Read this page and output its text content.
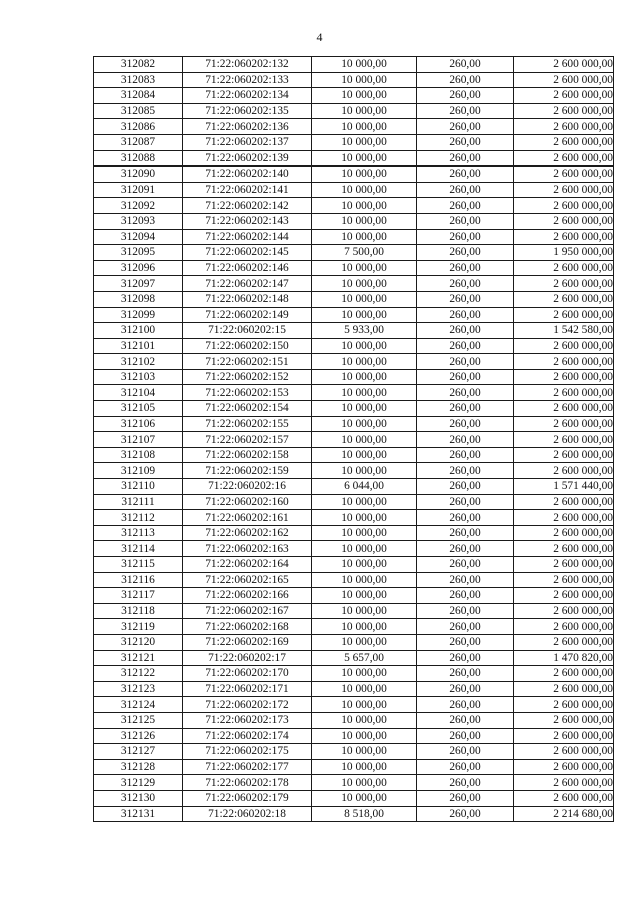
4
312082	71:22:060202:132	10 000,00	260,00	2 600 000,00
312083	71:22:060202:133	10 000,00	260,00	2 600 000,00
312084	71:22:060202:134	10 000,00	260,00	2 600 000,00
312085	71:22:060202:135	10 000,00	260,00	2 600 000,00
312086	71:22:060202:136	10 000,00	260,00	2 600 000,00
312087	71:22:060202:137	10 000,00	260,00	2 600 000,00
312088	71:22:060202:139	10 000,00	260,00	2 600 000,00
312090	71:22:060202:140	10 000,00	260,00	2 600 000,00
312091	71:22:060202:141	10 000,00	260,00	2 600 000,00
312092	71:22:060202:142	10 000,00	260,00	2 600 000,00
312093	71:22:060202:143	10 000,00	260,00	2 600 000,00
312094	71:22:060202:144	10 000,00	260,00	2 600 000,00
312095	71:22:060202:145	7 500,00	260,00	1 950 000,00
312096	71:22:060202:146	10 000,00	260,00	2 600 000,00
312097	71:22:060202:147	10 000,00	260,00	2 600 000,00
312098	71:22:060202:148	10 000,00	260,00	2 600 000,00
312099	71:22:060202:149	10 000,00	260,00	2 600 000,00
312100	71:22:060202:15	5 933,00	260,00	1 542 580,00
312101	71:22:060202:150	10 000,00	260,00	2 600 000,00
312102	71:22:060202:151	10 000,00	260,00	2 600 000,00
312103	71:22:060202:152	10 000,00	260,00	2 600 000,00
312104	71:22:060202:153	10 000,00	260,00	2 600 000,00
312105	71:22:060202:154	10 000,00	260,00	2 600 000,00
312106	71:22:060202:155	10 000,00	260,00	2 600 000,00
312107	71:22:060202:157	10 000,00	260,00	2 600 000,00
312108	71:22:060202:158	10 000,00	260,00	2 600 000,00
312109	71:22:060202:159	10 000,00	260,00	2 600 000,00
312110	71:22:060202:16	6 044,00	260,00	1 571 440,00
312111	71:22:060202:160	10 000,00	260,00	2 600 000,00
312112	71:22:060202:161	10 000,00	260,00	2 600 000,00
312113	71:22:060202:162	10 000,00	260,00	2 600 000,00
312114	71:22:060202:163	10 000,00	260,00	2 600 000,00
312115	71:22:060202:164	10 000,00	260,00	2 600 000,00
312116	71:22:060202:165	10 000,00	260,00	2 600 000,00
312117	71:22:060202:166	10 000,00	260,00	2 600 000,00
312118	71:22:060202:167	10 000,00	260,00	2 600 000,00
312119	71:22:060202:168	10 000,00	260,00	2 600 000,00
312120	71:22:060202:169	10 000,00	260,00	2 600 000,00
312121	71:22:060202:17	5 657,00	260,00	1 470 820,00
312122	71:22:060202:170	10 000,00	260,00	2 600 000,00
312123	71:22:060202:171	10 000,00	260,00	2 600 000,00
312124	71:22:060202:172	10 000,00	260,00	2 600 000,00
312125	71:22:060202:173	10 000,00	260,00	2 600 000,00
312126	71:22:060202:174	10 000,00	260,00	2 600 000,00
312127	71:22:060202:175	10 000,00	260,00	2 600 000,00
312128	71:22:060202:177	10 000,00	260,00	2 600 000,00
312129	71:22:060202:178	10 000,00	260,00	2 600 000,00
312130	71:22:060202:179	10 000,00	260,00	2 600 000,00
312131	71:22:060202:18	8 518,00	260,00	2 214 680,00
